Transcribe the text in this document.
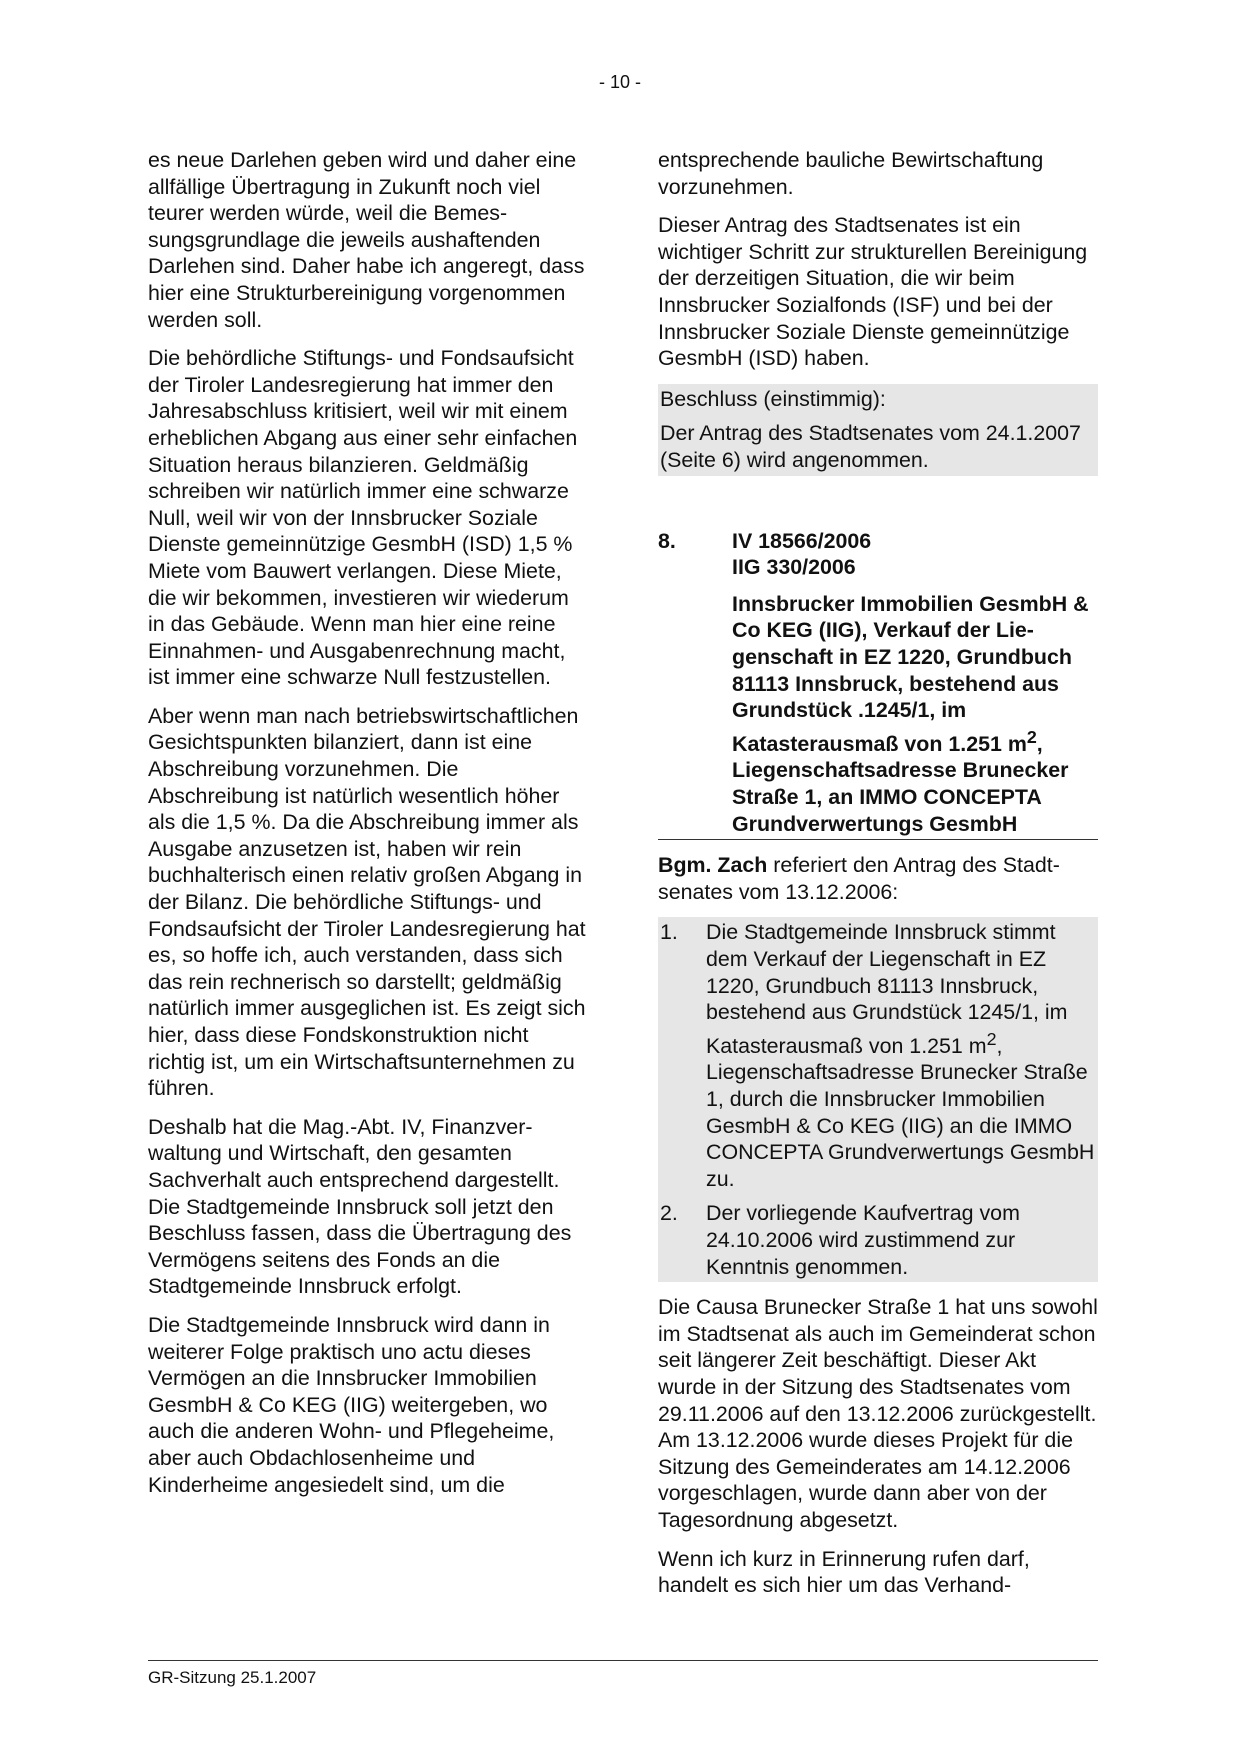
- 10 -

es neue Darlehen geben wird und daher eine allfällige Übertragung in Zukunft noch viel teurer werden würde, weil die Bemessungsgrundlage die jeweils aushaftenden Darlehen sind. Daher habe ich angeregt, dass hier eine Strukturbereinigung vorgenommen werden soll.

Die behördliche Stiftungs- und Fondsaufsicht der Tiroler Landesregierung hat immer den Jahresabschluss kritisiert, weil wir mit einem erheblichen Abgang aus einer sehr einfachen Situation heraus bilanzieren. Geldmäßig schreiben wir natürlich immer eine schwarze Null, weil wir von der Innsbrucker Soziale Dienste gemeinnützige GesmbH (ISD) 1,5 % Miete vom Bauwert verlangen. Diese Miete, die wir bekommen, investieren wir wiederum in das Gebäude. Wenn man hier eine reine Einnahmen- und Ausgabenrechnung macht, ist immer eine schwarze Null festzustellen.

Aber wenn man nach betriebswirtschaftlichen Gesichtspunkten bilanziert, dann ist eine Abschreibung vorzunehmen. Die Abschreibung ist natürlich wesentlich höher als die 1,5 %. Da die Abschreibung immer als Ausgabe anzusetzen ist, haben wir rein buchhalterisch einen relativ großen Abgang in der Bilanz. Die behördliche Stiftungs- und Fondsaufsicht der Tiroler Landesregierung hat es, so hoffe ich, auch verstanden, dass sich das rein rechnerisch so darstellt; geldmäßig natürlich immer ausgeglichen ist. Es zeigt sich hier, dass diese Fondskonstruktion nicht richtig ist, um ein Wirtschaftsunternehmen zu führen.

Deshalb hat die Mag.-Abt. IV, Finanzverwaltung und Wirtschaft, den gesamten Sachverhalt auch entsprechend dargestellt. Die Stadtgemeinde Innsbruck soll jetzt den Beschluss fassen, dass die Übertragung des Vermögens seitens des Fonds an die Stadtgemeinde Innsbruck erfolgt.

Die Stadtgemeinde Innsbruck wird dann in weiterer Folge praktisch uno actu dieses Vermögen an die Innsbrucker Immobilien GesmbH & Co KEG (IIG) weitergeben, wo auch die anderen Wohn- und Pflegeheime, aber auch Obdachlosenheime und Kinderheime angesiedelt sind, um die

entsprechende bauliche Bewirtschaftung vorzunehmen.

Dieser Antrag des Stadtsenates ist ein wichtiger Schritt zur strukturellen Bereinigung der derzeitigen Situation, die wir beim Innsbrucker Sozialfonds (ISF) und bei der Innsbrucker Soziale Dienste gemeinnützige GesmbH (ISD) haben.

Beschluss (einstimmig):

Der Antrag des Stadtsenates vom 24.1.2007 (Seite 6) wird angenommen.

8.	IV 18566/2006
IIG 330/2006
Innsbrucker Immobilien GesmbH & Co KEG (IIG), Verkauf der Liegenschaft in EZ 1220, Grundbuch 81113 Innsbruck, bestehend aus Grundstück .1245/1, im Katasterausmaß von 1.251 $m^2$, Liegenschaftsadresse Brunecker Straße 1, an IMMO CONCEPTA Grundverwertungs GesmbH

Bgm. Zach referiert den Antrag des Stadtsenates vom 13.12.2006:

1.	Die Stadtgemeinde Innsbruck stimmt dem Verkauf der Liegenschaft in EZ 1220, Grundbuch 81113 Innsbruck, bestehend aus Grundstück 1245/1, im Katasterausmaß von 1.251 $m^2$, Liegenschaftsadresse Brunecker Straße 1, durch die Innsbrucker Immobilien GesmbH & Co KEG (IIG) an die IMMO CONCEPTA Grundverwertungs GesmbH zu.
2.	Der vorliegende Kaufvertrag vom 24.10.2006 wird zustimmend zur Kenntnis genommen.

Die Causa Brunecker Straße 1 hat uns sowohl im Stadtsenat als auch im Gemeinderat schon seit längerer Zeit beschäftigt. Dieser Akt wurde in der Sitzung des Stadtsenates vom 29.11.2006 auf den 13.12.2006 zurückgestellt. Am 13.12.2006 wurde dieses Projekt für die Sitzung des Gemeinderates am 14.12.2006 vorgeschlagen, wurde dann aber von der Tagesordnung abgesetzt.

Wenn ich kurz in Erinnerung rufen darf, handelt es sich hier um das Verhand-

GR-Sitzung 25.1.2007
